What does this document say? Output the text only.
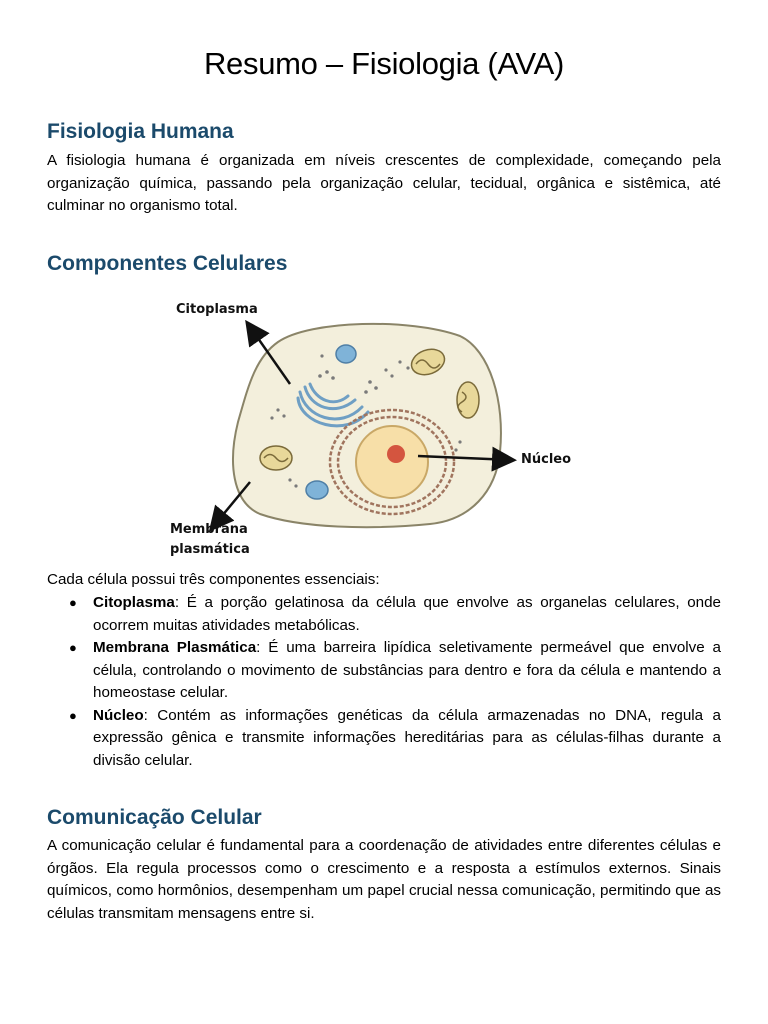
Resumo – Fisiologia (AVA)
Fisiologia Humana

A fisiologia humana é organizada em níveis crescentes de complexidade, começando pela organização química, passando pela organização celular, tecidual, orgânica e sistêmica, até culminar no organismo total.

Componentes Celulares
Citoplasma
Núcleo
Membrana
plasmática

Cada célula possui três componentes essenciais:

● Citoplasma: É a porção gelatinosa da célula que envolve as organelas celulares, onde ocorrem muitas atividades metabólicas.
● Membrana Plasmática: É uma barreira lipídica seletivamente permeável que envolve a célula, controlando o movimento de substâncias para dentro e fora da célula e mantendo a homeostase celular.
● Núcleo: Contém as informações genéticas da célula armazenadas no DNA, regula a expressão gênica e transmite informações hereditárias para as células-filhas durante a divisão celular.
Comunicação Celular

A comunicação celular é fundamental para a coordenação de atividades entre diferentes células e órgãos. Ela regula processos como o crescimento e a resposta a estímulos externos. Sinais químicos, como hormônios, desempenham um papel crucial nessa comunicação, permitindo que as células transmitam mensagens entre si.
